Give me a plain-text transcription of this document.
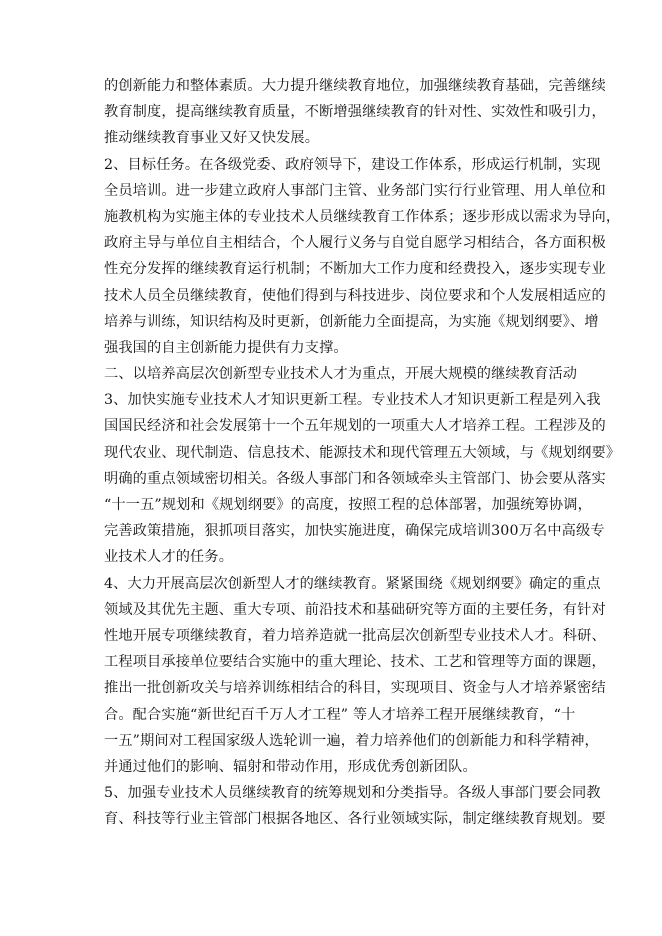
的创新能力和整体素质。大力提升继续教育地位，加强继续教育基础，完善继续
教育制度，提高继续教育质量，不断增强继续教育的针对性、实效性和吸引力，
推动继续教育事业又好又快发展。
2、目标任务。在各级党委、政府领导下，建设工作体系，形成运行机制，实现
全员培训。进一步建立政府人事部门主管、业务部门实行行业管理、用人单位和
施教机构为实施主体的专业技术人员继续教育工作体系；逐步形成以需求为导向，
政府主导与单位自主相结合，个人履行义务与自觉自愿学习相结合，各方面积极
性充分发挥的继续教育运行机制；不断加大工作力度和经费投入，逐步实现专业
技术人员全员继续教育，使他们得到与科技进步、岗位要求和个人发展相适应的
培养与训练，知识结构及时更新，创新能力全面提高，为实施《规划纲要》、增
强我国的自主创新能力提供有力支撑。
二、以培养高层次创新型专业技术人才为重点，开展大规模的继续教育活动
3、加快实施专业技术人才知识更新工程。专业技术人才知识更新工程是列入我
国国民经济和社会发展第十一个五年规划的一项重大人才培养工程。工程涉及的
现代农业、现代制造、信息技术、能源技术和现代管理五大领域，与《规划纲要》
明确的重点领域密切相关。各级人事部门和各领域牵头主管部门、协会要从落实
“十一五”规划和《规划纲要》的高度，按照工程的总体部署，加强统筹协调，
完善政策措施，狠抓项目落实，加快实施进度，确保完成培训300万名中高级专
业技术人才的任务。
4、大力开展高层次创新型人才的继续教育。紧紧围绕《规划纲要》确定的重点
领域及其优先主题、重大专项、前沿技术和基础研究等方面的主要任务，有针对
性地开展专项继续教育，着力培养造就一批高层次创新型专业技术人才。科研、
工程项目承接单位要结合实施中的重大理论、技术、工艺和管理等方面的课题，
推出一批创新攻关与培养训练相结合的科目，实现项目、资金与人才培养紧密结
合。配合实施“新世纪百千万人才工程” 等人才培养工程开展继续教育，“十
一五”期间对工程国家级人选轮训一遍，着力培养他们的创新能力和科学精神，
并通过他们的影响、辐射和带动作用，形成优秀创新团队。
5、加强专业技术人员继续教育的统筹规划和分类指导。各级人事部门要会同教
育、科技等行业主管部门根据各地区、各行业领域实际，制定继续教育规划。要
